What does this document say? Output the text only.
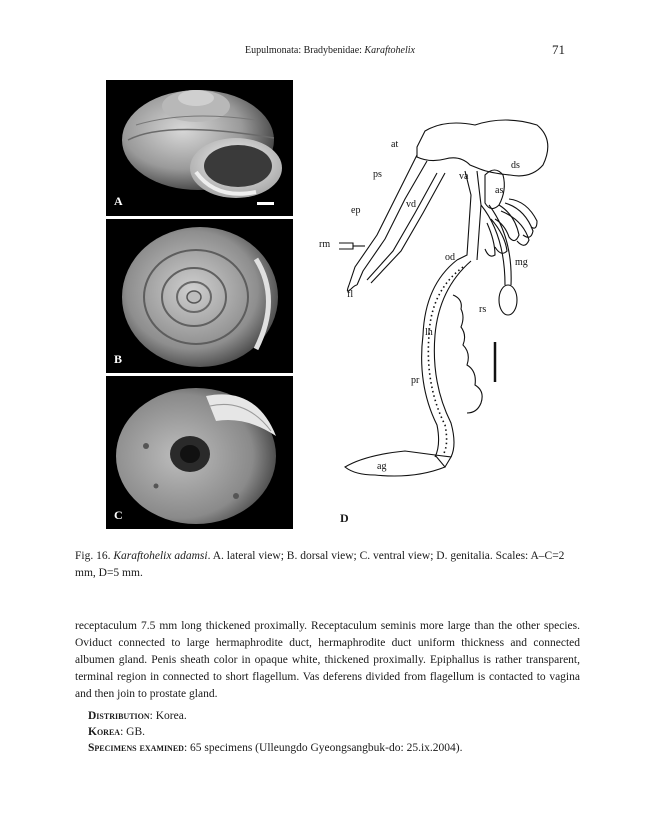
Eupulmonata: Bradybenidae: Karaftohelix	71
A
B
C
at
ps
ep
vd
rm
fl
va
ds
as
mg
od
rs
lh
pr
ag
D
Fig. 16. Karaftohelix adamsi. A. lateral view; B. dorsal view; C. ventral view; D. genitalia. Scales: A–C=2 mm, D=5 mm.
receptaculum 7.5 mm long thickened proximally. Receptaculum seminis more large than the other species. Oviduct connected to large hermaphrodite duct, hermaphrodite duct uniform thickness and connected albumen gland. Penis sheath color in opaque white, thickened proximally. Epiphallus is rather transparent, terminal region in connected to short flagellum. Vas deferens divided from flagellum is contacted to vagina and then join to prostate gland.
Distribution: Korea.
Korea: GB.
Specimens examined: 65 specimens (Ulleungdo Gyeongsangbuk-do: 25.ix.2004).
